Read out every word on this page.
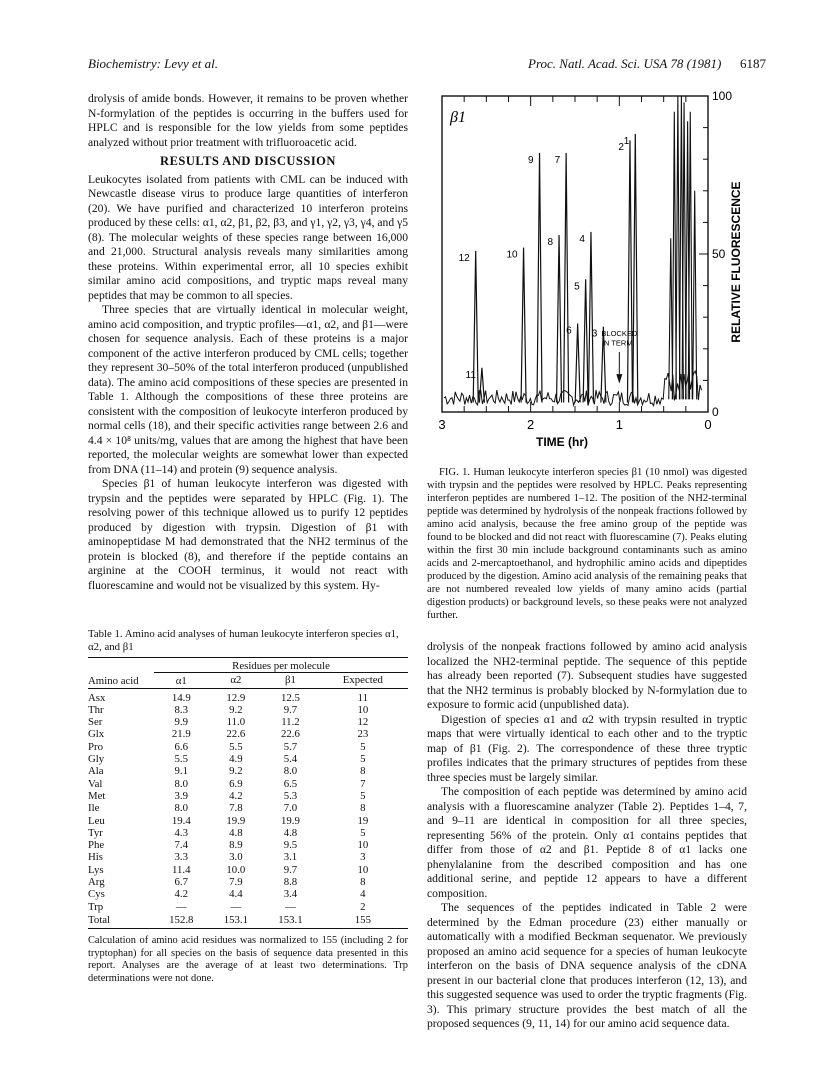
Biochemistry: Levy et al.	Proc. Natl. Acad. Sci. USA 78 (1981) 6187

drolysis of amide bonds. However, it remains to be proven whether N-formylation of the peptides is occurring in the buffers used for HPLC and is responsible for the low yields from some peptides analyzed without prior treatment with trifluoroacetic acid.

RESULTS AND DISCUSSION

Leukocytes isolated from patients with CML can be induced with Newcastle disease virus to produce large quantities of interferon (20). We have purified and characterized 10 interferon proteins produced by these cells: α1, α2, β1, β2, β3, and γ1, γ2, γ3, γ4, and γ5 (8). The molecular weights of these species range between 16,000 and 21,000. Structural analysis reveals many similarities among these proteins. Within experimental error, all 10 species exhibit similar amino acid compositions, and tryptic maps reveal many peptides that may be common to all species.

Three species that are virtually identical in molecular weight, amino acid composition, and tryptic profiles—α1, α2, and β1—were chosen for sequence analysis. Each of these proteins is a major component of the active interferon produced by CML cells; together they represent 30–50% of the total interferon produced (unpublished data). The amino acid compositions of these species are presented in Table 1. Although the compositions of these three proteins are consistent with the composition of leukocyte interferon produced by normal cells (18), and their specific activities range between 2.6 and 4.4 × 10⁸ units/mg, values that are among the highest that have been reported, the molecular weights are somewhat lower than expected from DNA (11–14) and protein (9) sequence analysis.

Species β1 of human leukocyte interferon was digested with trypsin and the peptides were separated by HPLC (Fig. 1). The resolving power of this technique allowed us to purify 12 peptides produced by digestion with trypsin. Digestion of β1 with aminopeptidase M had demonstrated that the NH2 terminus of the protein is blocked (8), and therefore if the peptide contains an arginine at the COOH terminus, it would not react with fluorescamine and would not be visualized by this system. Hy-

Table 1. Amino acid analyses of human leukocyte interferon species α1, α2, and β1

Amino acid	Residues per molecule			
	α1	α2	β1	Expected

Asx	14.9	12.9	12.5	11
Thr	8.3	9.2	9.7	10
Ser	9.9	11.0	11.2	12
Glx	21.9	22.6	22.6	23
Pro	6.6	5.5	5.7	5
Gly	5.5	4.9	5.4	5
Ala	9.1	9.2	8.0	8
Val	8.0	6.9	6.5	7
Met	3.9	4.2	5.3	5
Ile	8.0	7.8	7.0	8
Leu	19.4	19.9	19.9	19
Tyr	4.3	4.8	4.8	5
Phe	7.4	8.9	9.5	10
His	3.3	3.0	3.1	3
Lys	11.4	10.0	9.7	10
Arg	6.7	7.9	8.8	8
Cys	4.2	4.4	3.4	4
Trp	—	—	—	2
Total	152.8	153.1	153.1	155
Calculation of amino acid residues was normalized to 155 (including 2 for tryptophan) for all species on the basis of sequence data presented in this report. Analyses are the average of at least two determinations. Trp determinations were not done.
12
11
10
9
8
7
6
5
4
3
2
1
3	2	1	0
0
50
100
β1
BLOCKED
N TERM.
TIME (hr)
RELATIVE FLUORESCENCE

FIG. 1. Human leukocyte interferon species β1 (10 nmol) was digested with trypsin and the peptides were resolved by HPLC. Peaks representing interferon peptides are numbered 1–12. The position of the NH2-terminal peptide was determined by hydrolysis of the nonpeak fractions followed by amino acid analysis, because the free amino group of the peptide was found to be blocked and did not react with fluorescamine (7). Peaks eluting within the first 30 min include background contaminants such as amino acids and 2-mercaptoethanol, and hydrophilic amino acids and dipeptides produced by the digestion. Amino acid analysis of the remaining peaks that are not numbered revealed low yields of many amino acids (partial digestion products) or background levels, so these peaks were not analyzed further.

drolysis of the nonpeak fractions followed by amino acid analysis localized the NH2-terminal peptide. The sequence of this peptide has already been reported (7). Subsequent studies have suggested that the NH2 terminus is probably blocked by N-formylation due to exposure to formic acid (unpublished data).

Digestion of species α1 and α2 with trypsin resulted in tryptic maps that were virtually identical to each other and to the tryptic map of β1 (Fig. 2). The correspondence of these three tryptic profiles indicates that the primary structures of peptides from these three species must be largely similar.

The composition of each peptide was determined by amino acid analysis with a fluorescamine analyzer (Table 2). Peptides 1–4, 7, and 9–11 are identical in composition for all three species, representing 56% of the protein. Only α1 contains peptides that differ from those of α2 and β1. Peptide 8 of α1 lacks one phenylalanine from the described composition and has one additional serine, and peptide 12 appears to have a different composition.

The sequences of the peptides indicated in Table 2 were determined by the Edman procedure (23) either manually or automatically with a modified Beckman sequenator. We previously proposed an amino acid sequence for a species of human leukocyte interferon on the basis of DNA sequence analysis of the cDNA present in our bacterial clone that produces interferon (12, 13), and this suggested sequence was used to order the tryptic fragments (Fig. 3). This primary structure provides the best match of all the proposed sequences (9, 11, 14) for our amino acid sequence data.
